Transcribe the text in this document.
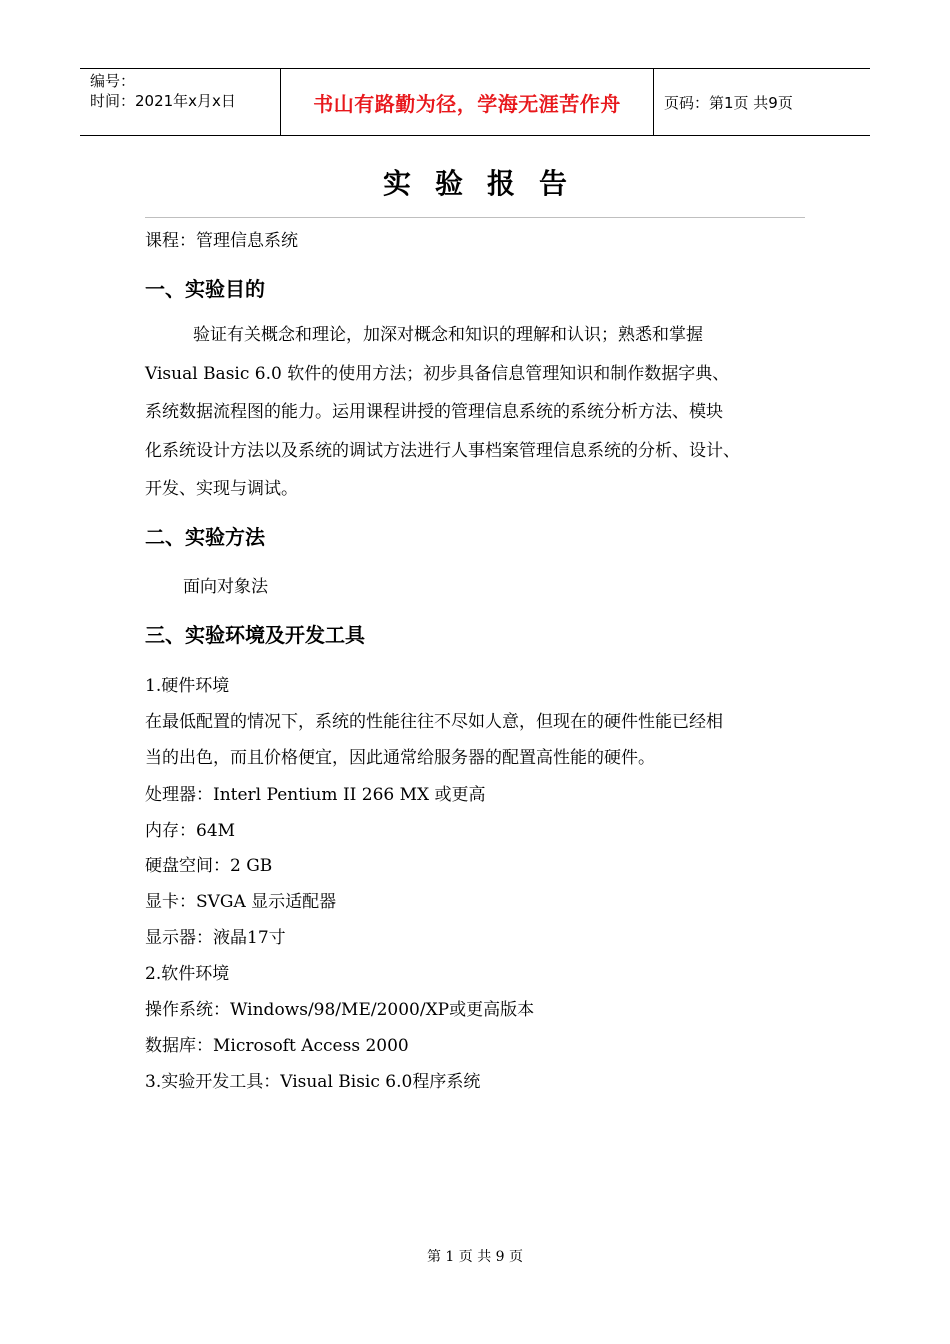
编号：
时间：2021年x月x日	书山有路勤为径，学海无涯苦作舟	页码：第1页 共9页
实验报告
课程：管理信息系统
一、实验目的
验证有关概念和理论，加深对概念和知识的理解和认识；熟悉和掌握
Visual Basic 6.0 软件的使用方法；初步具备信息管理知识和制作数据字典、
系统数据流程图的能力。运用课程讲授的管理信息系统的系统分析方法、模块
化系统设计方法以及系统的调试方法进行人事档案管理信息系统的分析、设计、
开发、实现与调试。
二、实验方法
面向对象法
三、实验环境及开发工具
1.硬件环境
在最低配置的情况下，系统的性能往往不尽如人意，但现在的硬件性能已经相
当的出色，而且价格便宜，因此通常给服务器的配置高性能的硬件。
处理器：Interl Pentium II 266 MX 或更高
内存：64M
硬盘空间：2 GB
显卡：SVGA 显示适配器
显示器：液晶17寸
2.软件环境
操作系统：Windows/98/ME/2000/XP或更高版本
数据库：Microsoft Access 2000
3.实验开发工具：Visual Bisic 6.0程序系统
第 1 页 共 9 页
